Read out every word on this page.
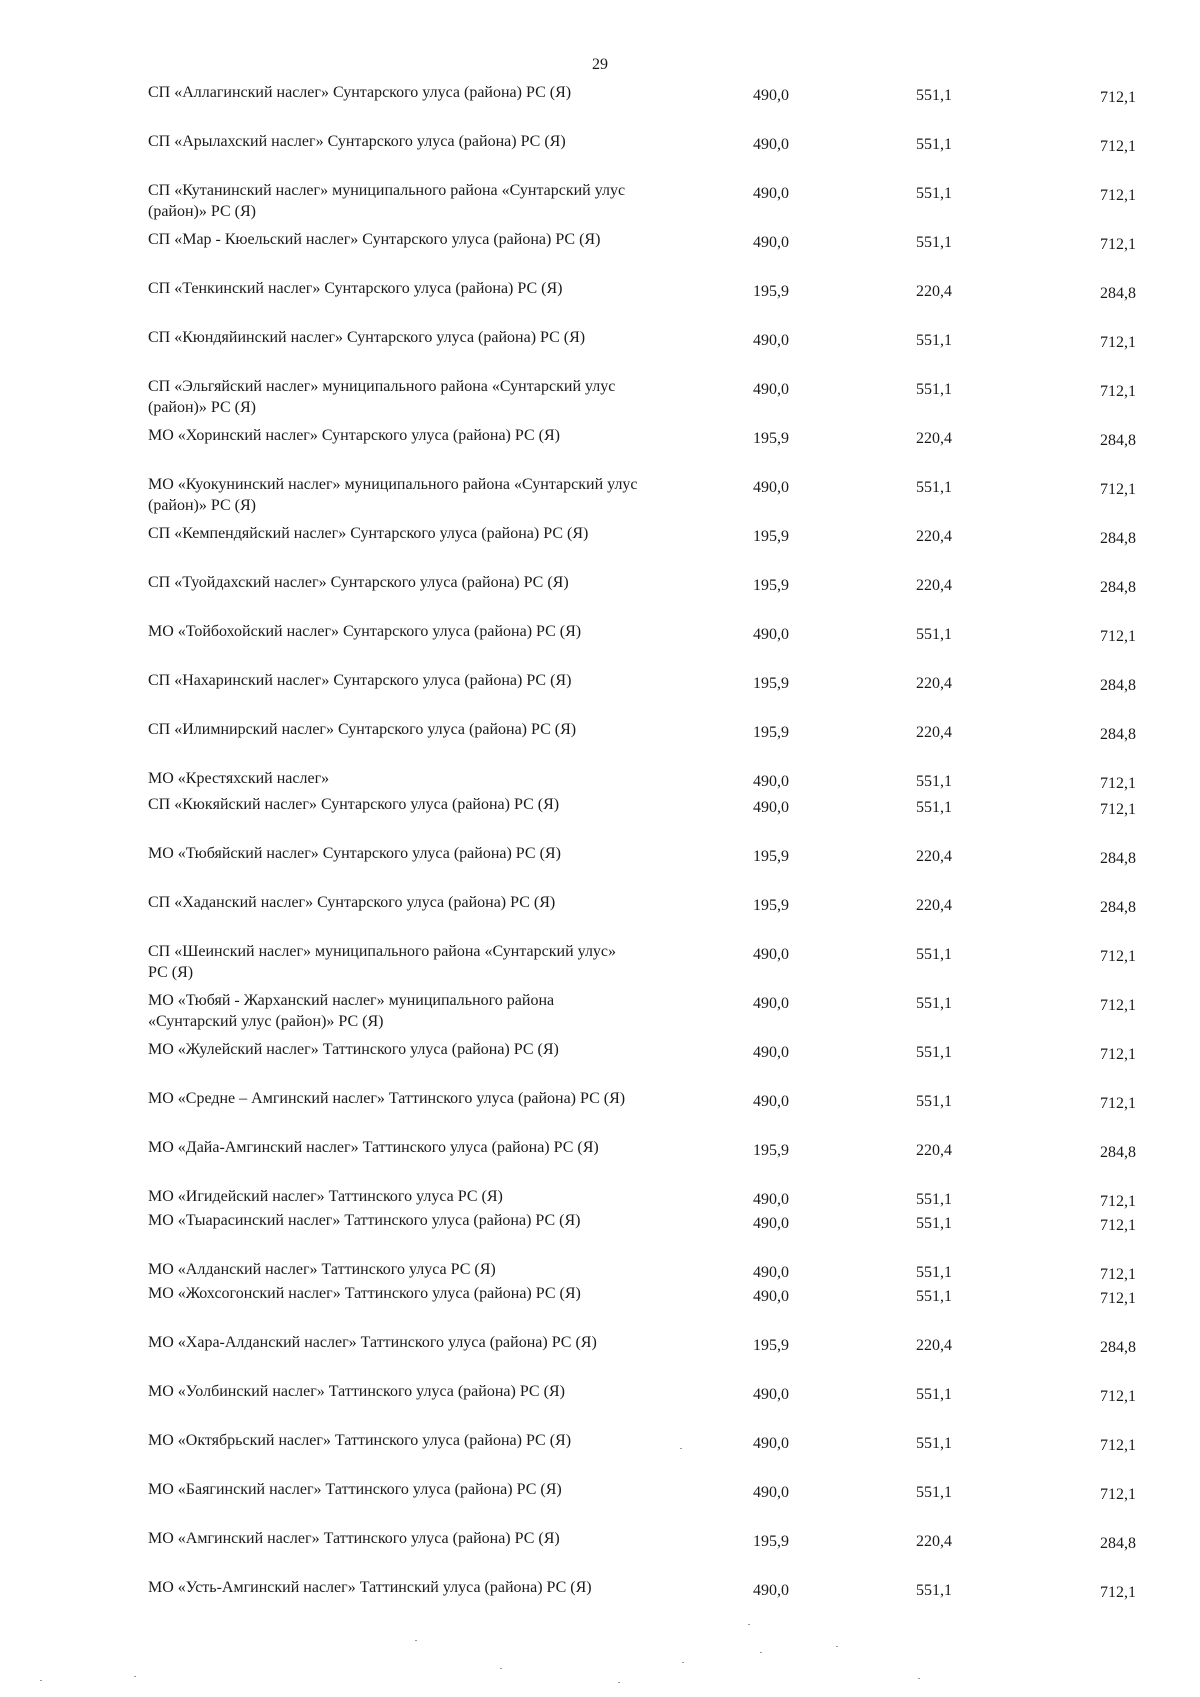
29
СП «Аллагинский наслег» Сунтарского улуса (района) РС (Я)	490,0	551,1	712,1
СП «Арылахский наслег» Сунтарского улуса (района) РС (Я)	490,0	551,1	712,1
СП «Кутанинский наслег» муниципального района «Сунтарский улус (район)» РС (Я)
490,0	551,1	712,1
СП «Мар - Кюельский наслег» Сунтарского улуса (района) РС (Я)	490,0	551,1	712,1
СП «Тенкинский наслег» Сунтарского улуса (района) РС (Я)	195,9	220,4	284,8
СП «Кюндяйинский наслег» Сунтарского улуса (района) РС (Я)	490,0	551,1	712,1
СП «Эльгяйский наслег» муниципального района «Сунтарский улус (район)» РС (Я)
490,0	551,1	712,1
МО «Хоринский наслег» Сунтарского улуса (района) РС (Я)	195,9	220,4	284,8
МО «Куокунинский наслег» муниципального района «Сунтарский улус (район)» РС (Я)
490,0	551,1	712,1
СП «Кемпендяйский наслег» Сунтарского улуса (района) РС (Я)	195,9	220,4	284,8
СП «Туойдахский наслег» Сунтарского улуса (района) РС (Я)	195,9	220,4	284,8
МО «Тойбохойский наслег» Сунтарского улуса (района) РС (Я)	490,0	551,1	712,1
СП «Нахаринский наслег» Сунтарского улуса (района) РС (Я)	195,9	220,4	284,8
СП «Илимнирский наслег» Сунтарского улуса (района) РС (Я)	195,9	220,4	284,8
МО «Крестяхский наслег»	490,0	551,1	712,1
СП «Кюкяйский наслег» Сунтарского улуса (района) РС (Я)	490,0	551,1	712,1
МО «Тюбяйский наслег» Сунтарского улуса (района) РС (Я)	195,9	220,4	284,8
СП «Хаданский наслег» Сунтарского улуса (района) РС (Я)	195,9	220,4	284,8
СП «Шеинский наслег» муниципального района «Сунтарский улус» РС (Я)
490,0	551,1	712,1
МО «Тюбяй - Жарханский наслег» муниципального района «Сунтарский улус (район)» РС (Я)
490,0	551,1	712,1
МО «Жулейский наслег» Таттинского улуса (района) РС (Я)	490,0	551,1	712,1
МО «Средне – Амгинский наслег» Таттинского улуса (района) РС (Я)	490,0	551,1	712,1
МО «Дайа-Амгинский наслег» Таттинского улуса (района) РС (Я)	195,9	220,4	284,8
МО «Игидейский наслег» Таттинского улуса РС (Я)	490,0	551,1	712,1
МО «Тыарасинский наслег» Таттинского улуса (района) РС (Я)	490,0	551,1	712,1
МО «Алданский наслег» Таттинского улуса РС (Я)	490,0	551,1	712,1
МО «Жохсогонский наслег» Таттинского улуса (района) РС (Я)	490,0	551,1	712,1
МО «Хара-Алданский наслег» Таттинского улуса (района) РС (Я)	195,9	220,4	284,8
МО «Уолбинский наслег» Таттинского улуса (района) РС (Я)	490,0	551,1	712,1
МО «Октябрьский наслег» Таттинского улуса (района) РС (Я)	490,0	551,1	712,1
МО «Баягинский наслег» Таттинского улуса (района) РС (Я)	490,0	551,1	712,1
МО «Амгинский наслег» Таттинского улуса (района) РС (Я)	195,9	220,4	284,8
МО «Усть-Амгинский наслег» Таттинский улуса (района) РС (Я)	490,0	551,1	712,1
